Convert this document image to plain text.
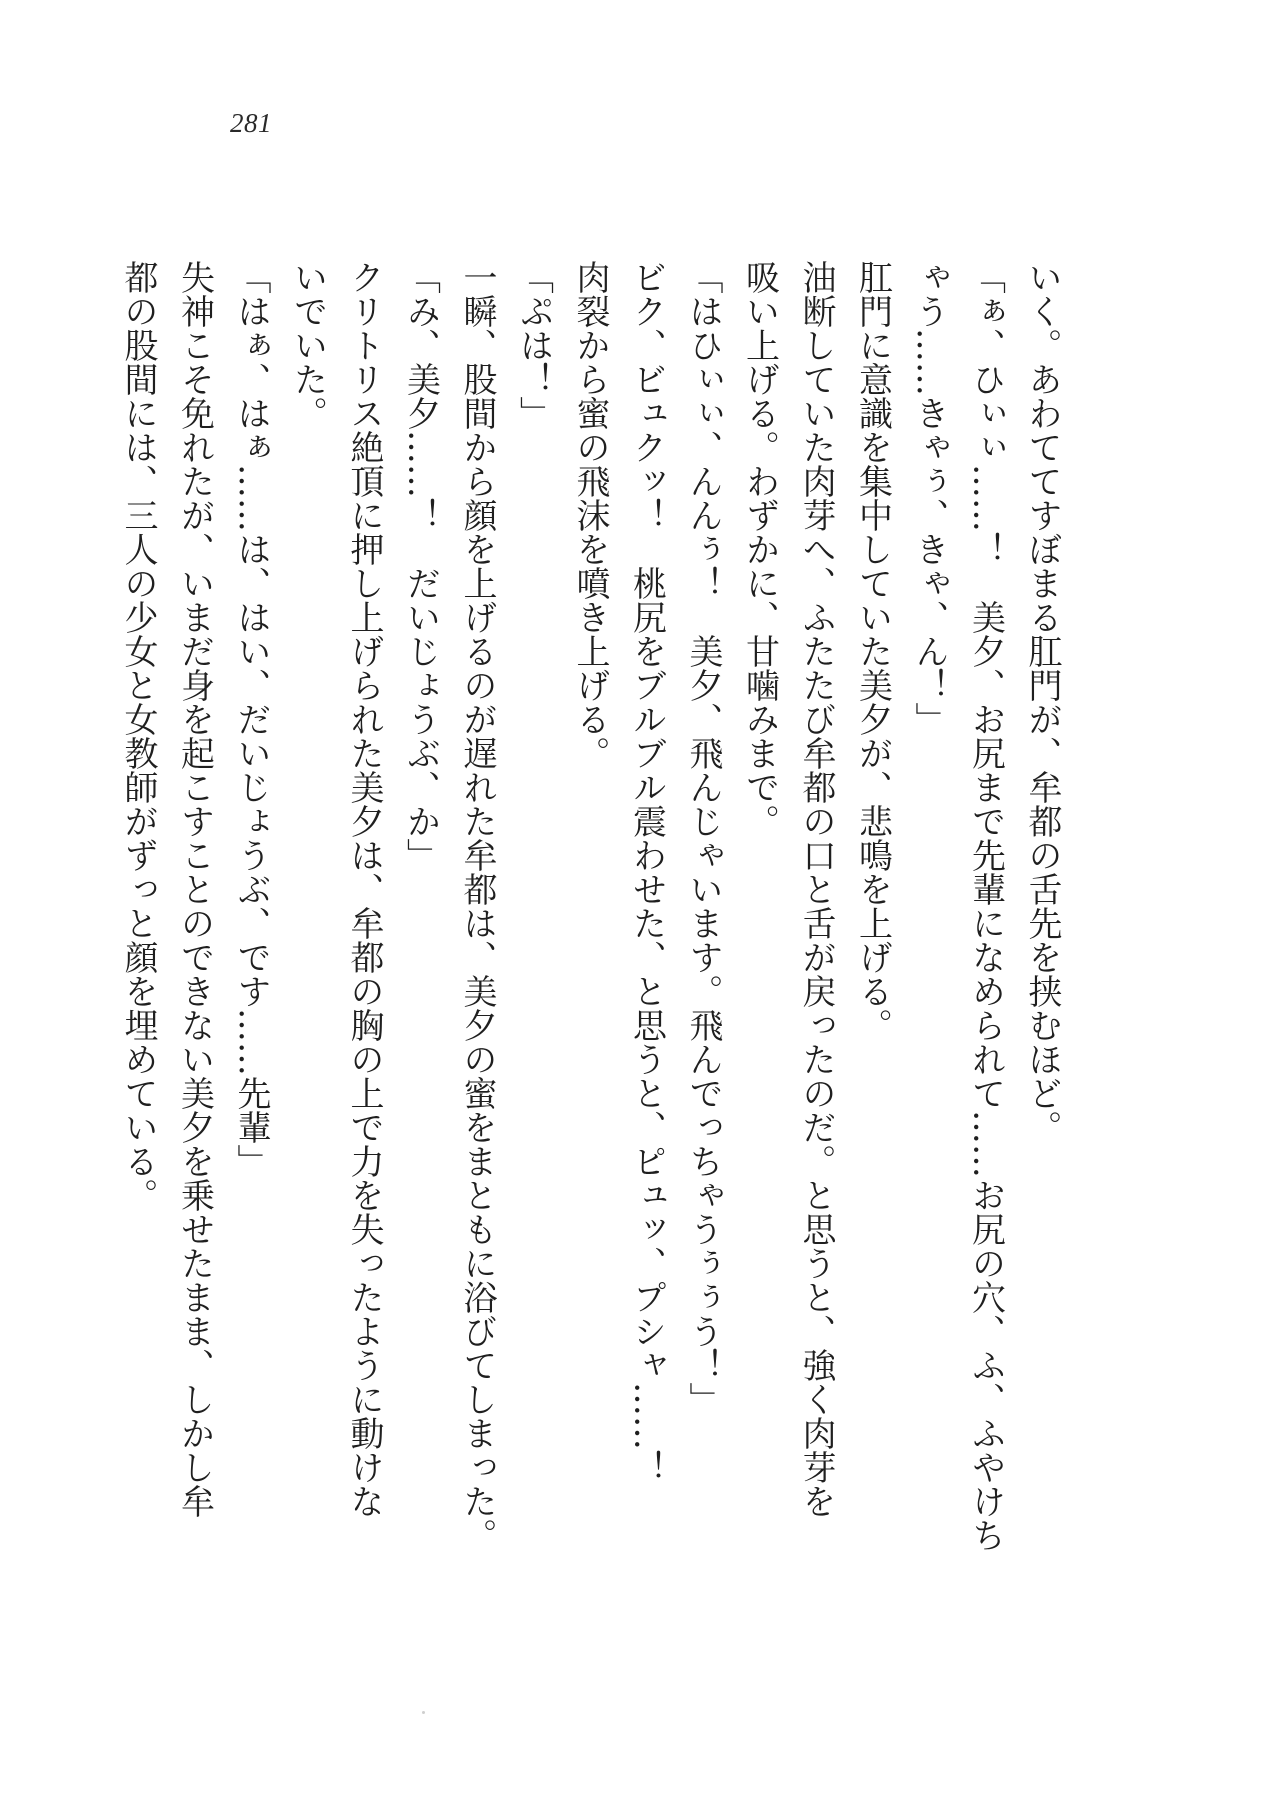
281
いく。あわててすぼまる肛門が、牟都の舌先を挟むほど。
「ぁ、ひぃぃ……！　美夕、お尻まで先輩になめられて……お尻の穴、ふ、ふやけち
ゃう……きゃぅ、きゃ、ん！」
肛門に意識を集中していた美夕が、悲鳴を上げる。
油断していた肉芽へ、ふたたび牟都の口と舌が戻ったのだ。と思うと、強く肉芽を
吸い上げる。わずかに、甘噛みまで。
「はひぃぃ、んんぅ！　美夕、飛んじゃいます。飛んでっちゃうぅぅう！」
ビク、ビュクッ！　桃尻をブルブル震わせた、と思うと、ピュッ、プシャ……！
肉裂から蜜の飛沫を噴き上げる。
「ぷは！」
一瞬、股間から顔を上げるのが遅れた牟都は、美夕の蜜をまともに浴びてしまった。
「み、美夕……！　だいじょうぶ、か」
クリトリス絶頂に押し上げられた美夕は、牟都の胸の上で力を失ったように動けな
いでいた。
「はぁ、はぁ……は、はい、だいじょうぶ、です……先輩」
失神こそ免れたが、いまだ身を起こすことのできない美夕を乗せたまま、しかし牟
都の股間には、三人の少女と女教師がずっと顔を埋めている。
